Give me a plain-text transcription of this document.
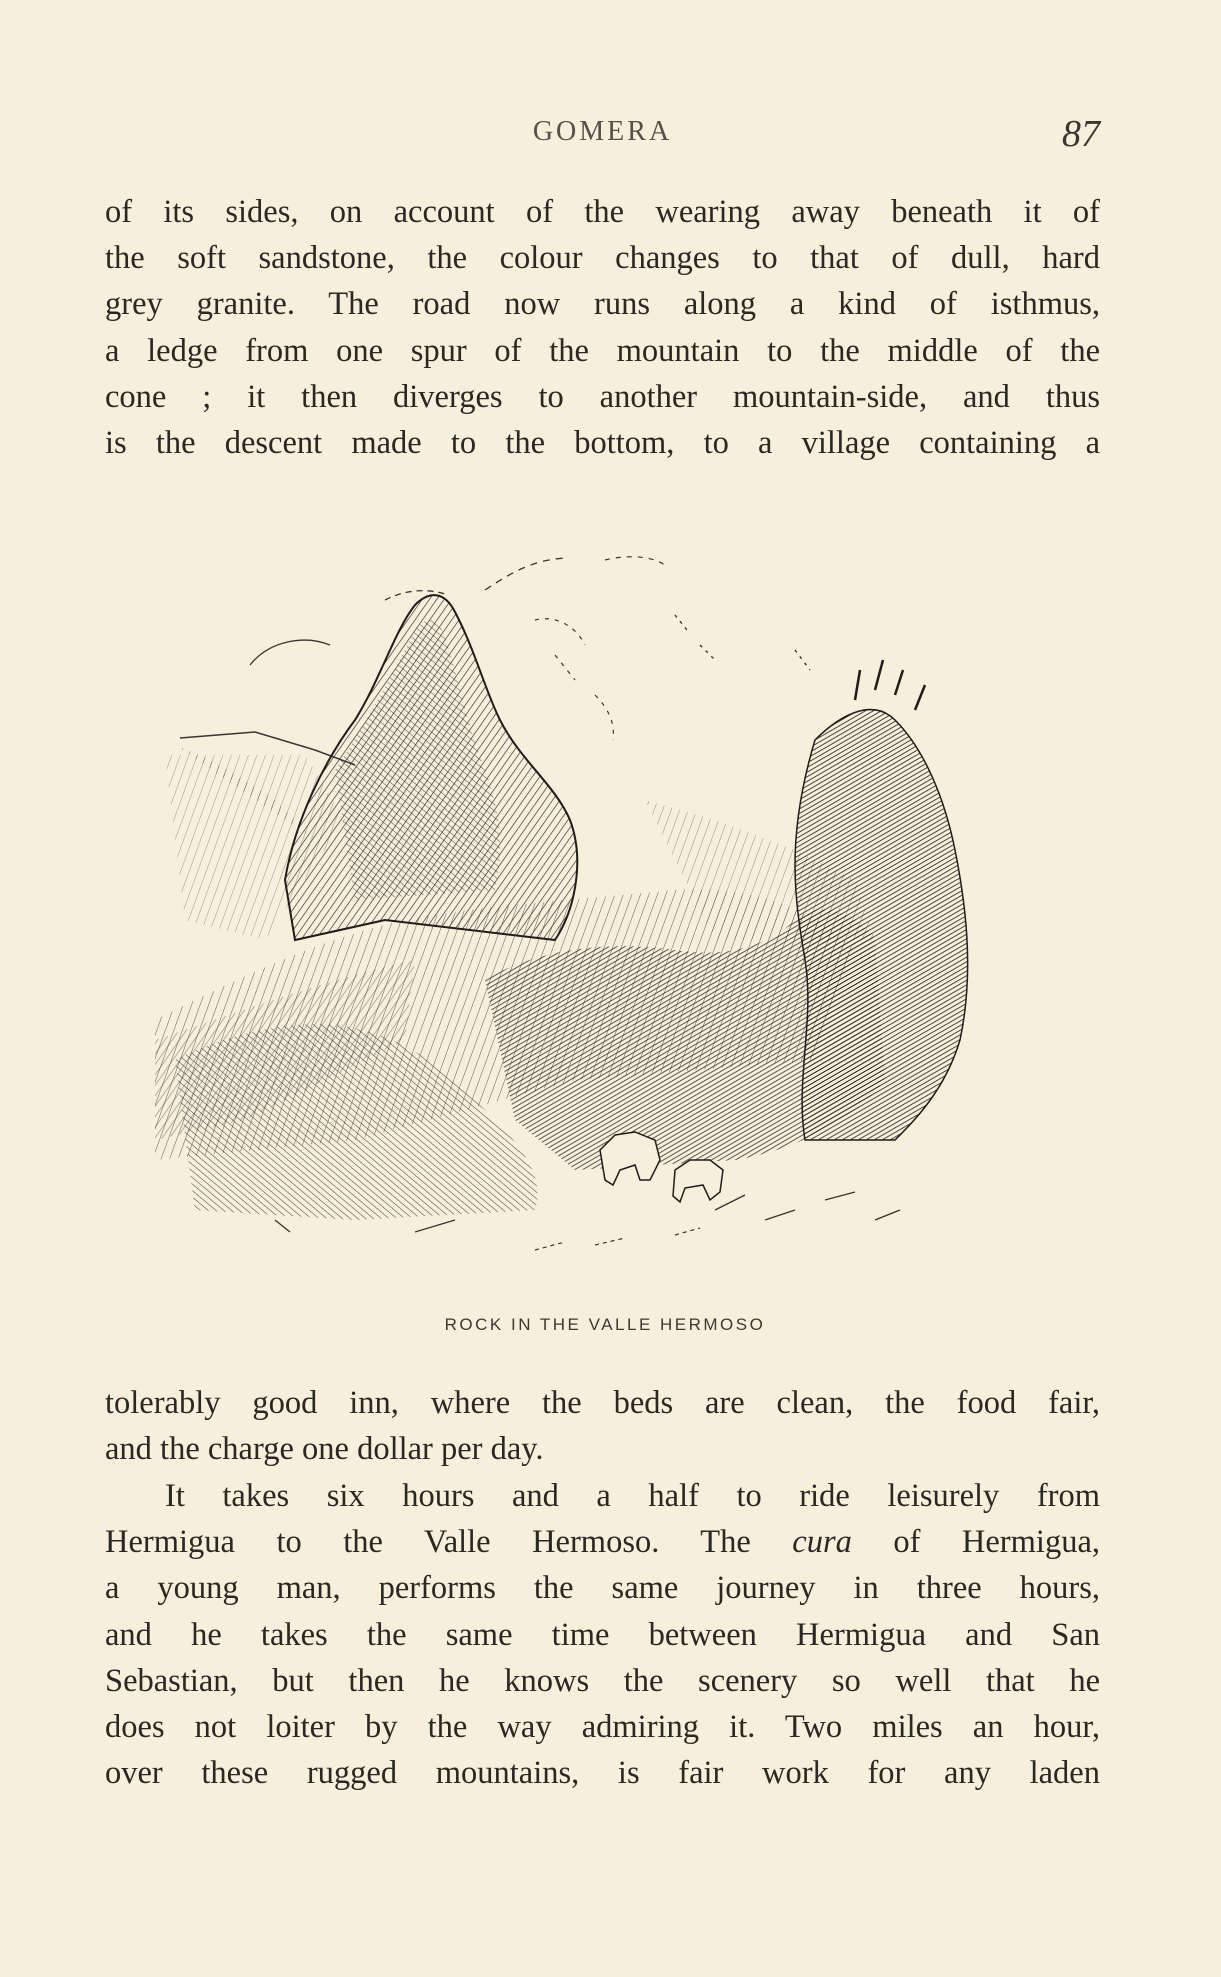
GOMERA	87
of its sides, on account of the wearing away beneath it of
the soft sandstone, the colour changes to that of dull, hard
grey granite. The road now runs along a kind of isthmus,
a ledge from one spur of the mountain to the middle of the
cone ; it then diverges to another mountain-side, and thus
is the descent made to the bottom, to a village containing a
ROCK IN THE VALLE HERMOSO
tolerably good inn, where the beds are clean, the food fair,
and the charge one dollar per day.
It takes six hours and a half to ride leisurely from
Hermigua to the Valle Hermoso. The cura of Hermigua,
a young man, performs the same journey in three hours,
and he takes the same time between Hermigua and San
Sebastian, but then he knows the scenery so well that he
does not loiter by the way admiring it. Two miles an hour,
over these rugged mountains, is fair work for any laden
